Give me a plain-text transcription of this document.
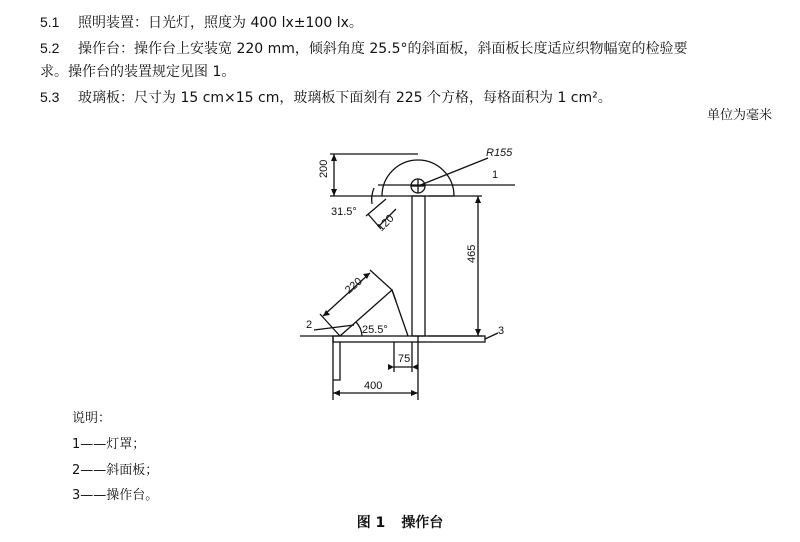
5.1 照明装置：日光灯，照度为 400 lx±100 lx。
5.2 操作台：操作台上安装宽 220 mm，倾斜角度 25.5°的斜面板，斜面板长度适应织物幅宽的检验要
求。操作台的装置规定见图 1。
5.3 玻璃板：尺寸为 15 cm×15 cm，玻璃板下面刻有 225 个方格，每格面积为 1 cm²。
单位为毫米
R155
200
31.5°
120
1
465
220
25.5°
2	3
75
400
说明：
1——灯罩；
2——斜面板；
3——操作台。
图 1 操作台
